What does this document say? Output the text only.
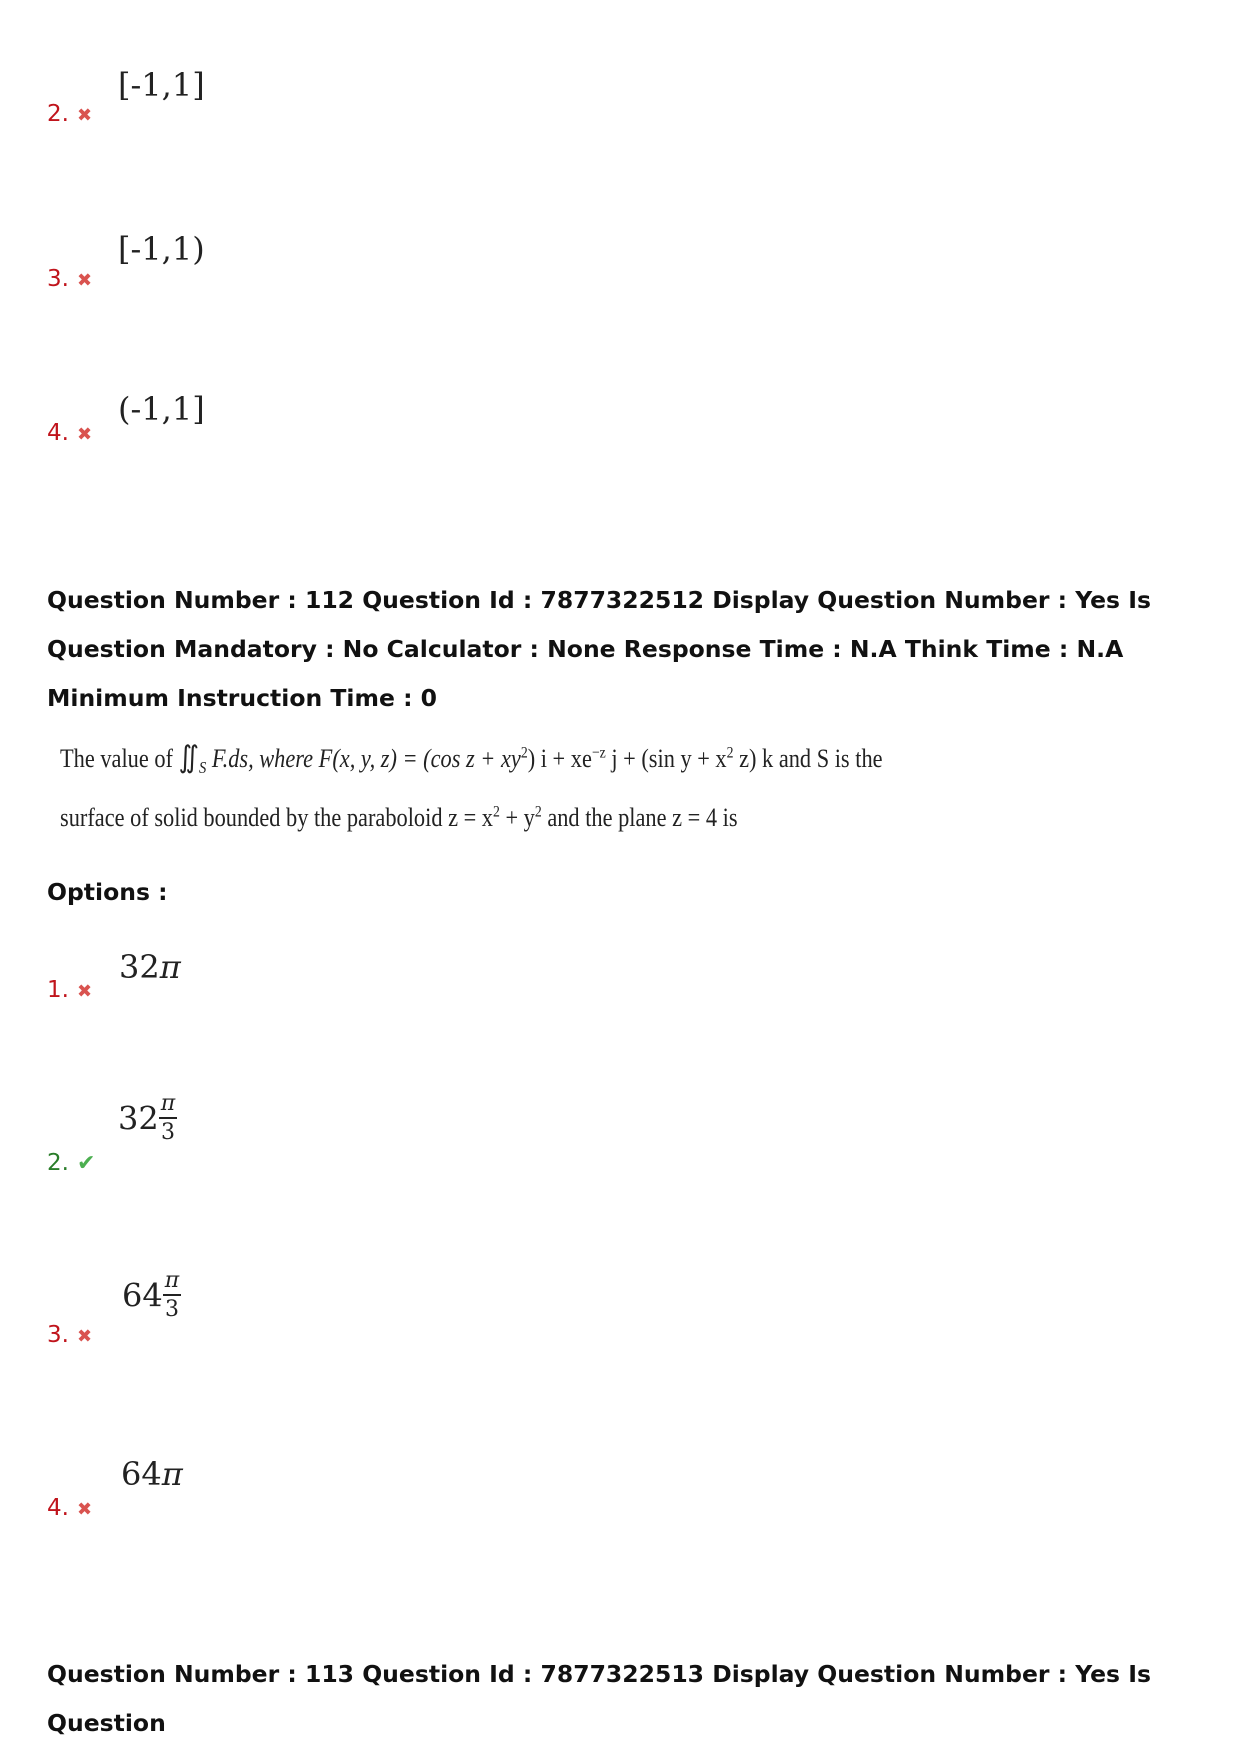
[-1,1]
2. ✖
[-1,1)
3. ✖
(-1,1]
4. ✖
Question Number : 112 Question Id : 7877322512 Display Question Number : Yes Is Question Mandatory : No Calculator : None Response Time : N.A Think Time : N.A Minimum Instruction Time : 0
The value of $∬_S$ F.ds, where F(x, y, z) = (cos $z + xy^2$) $i + xe^{-z}$ j + (sin $y + x^2$ z) k and S is the
surface of solid bounded by the paraboloid $z = x^2 + y^2$ and the plane z = 4 is
Options :
32π
1. ✖
$32 \frac{\pi}{3}$
2. ✔
$64 \frac{\pi}{3}$
3. ✖
64π
4. ✖
Question Number : 113 Question Id : 7877322513 Display Question Number : Yes Is Question
